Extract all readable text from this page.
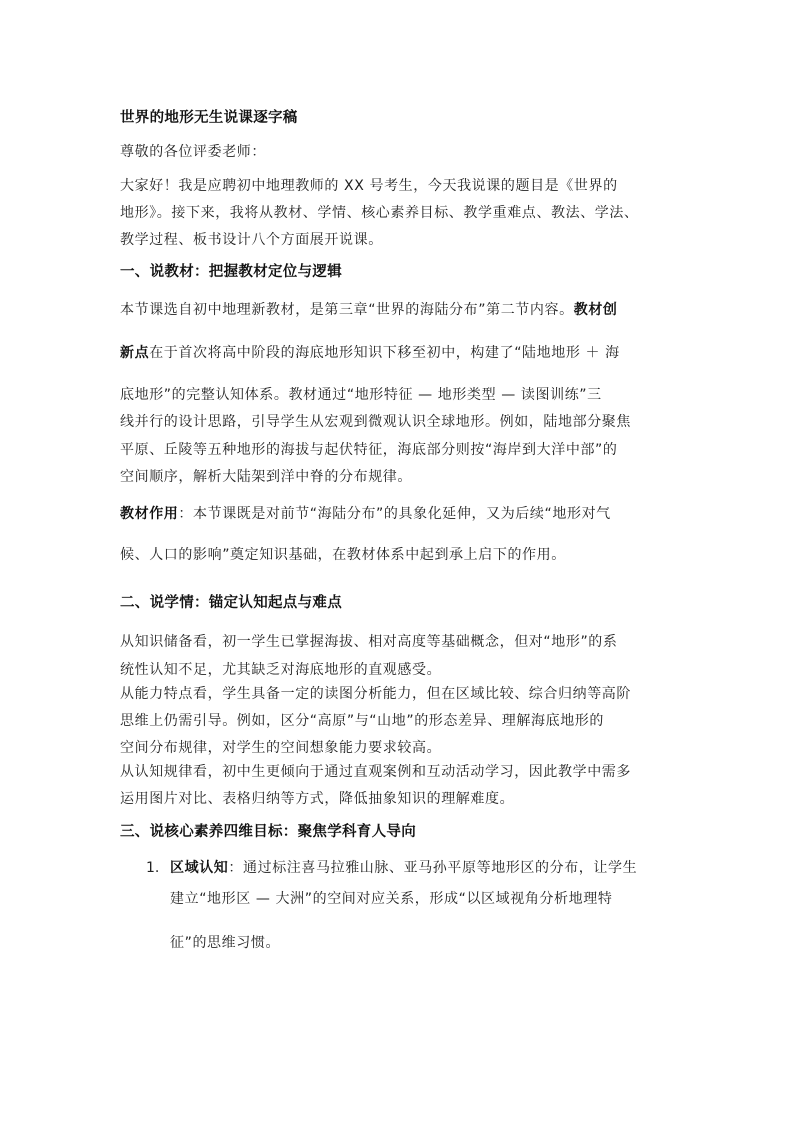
世界的地形无生说课逐字稿
尊敬的各位评委老师：
大家好！我是应聘初中地理教师的 XX 号考生，今天我说课的题目是《世界的
地形》。接下来，我将从教材、学情、核心素养目标、教学重难点、教法、学法、
教学过程、板书设计八个方面展开说课。
一、说教材：把握教材定位与逻辑
本节课选自初中地理新教材，是第三章“世界的海陆分布”第二节内容。教材创
新点在于首次将高中阶段的海底地形知识下移至初中，构建了“陆地地形 ＋ 海
底地形”的完整认知体系。教材通过“地形特征 — 地形类型 — 读图训练”三
线并行的设计思路，引导学生从宏观到微观认识全球地形。例如，陆地部分聚焦
平原、丘陵等五种地形的海拔与起伏特征，海底部分则按“海岸到大洋中部”的
空间顺序，解析大陆架到洋中脊的分布规律。
教材作用：本节课既是对前节“海陆分布”的具象化延伸，又为后续“地形对气
候、人口的影响”奠定知识基础，在教材体系中起到承上启下的作用。
二、说学情：锚定认知起点与难点
从知识储备看，初一学生已掌握海拔、相对高度等基础概念，但对“地形”的系
统性认知不足，尤其缺乏对海底地形的直观感受。
从能力特点看，学生具备一定的读图分析能力，但在区域比较、综合归纳等高阶
思维上仍需引导。例如，区分“高原”与“山地”的形态差异、理解海底地形的
空间分布规律，对学生的空间想象能力要求较高。
从认知规律看，初中生更倾向于通过直观案例和互动活动学习，因此教学中需多
运用图片对比、表格归纳等方式，降低抽象知识的理解难度。
三、说核心素养四维目标：聚焦学科育人导向
1. 区域认知：通过标注喜马拉雅山脉、亚马孙平原等地形区的分布，让学生
建立“地形区 — 大洲”的空间对应关系，形成“以区域视角分析地理特
征”的思维习惯。
